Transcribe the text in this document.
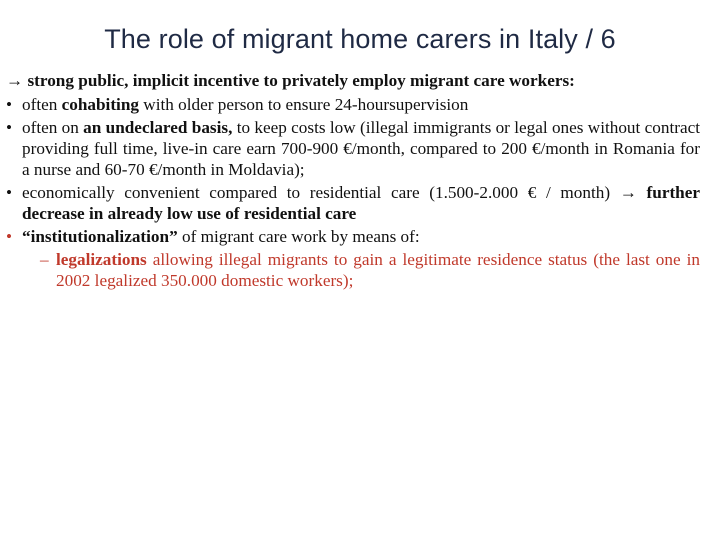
The role of migrant home carers in Italy / 6

→ strong public, implicit incentive to privately employ migrant care workers:

• often cohabiting with older person to ensure 24-hoursupervision

• often on an undeclared basis, to keep costs low (illegal immigrants or legal ones without contract providing full time, live-in care earn 700-900 €/month, compared to 200 €/month in Romania for a nurse and 60-70 €/month in Moldavia);

• economically convenient compared to residential care (1.500-2.000 € / month) → further decrease in already low use of residential care

• “institutionalization” of migrant care work by means of:

– legalizations allowing illegal migrants to gain a legitimate residence status (the last one in 2002 legalized 350.000 domestic workers);
